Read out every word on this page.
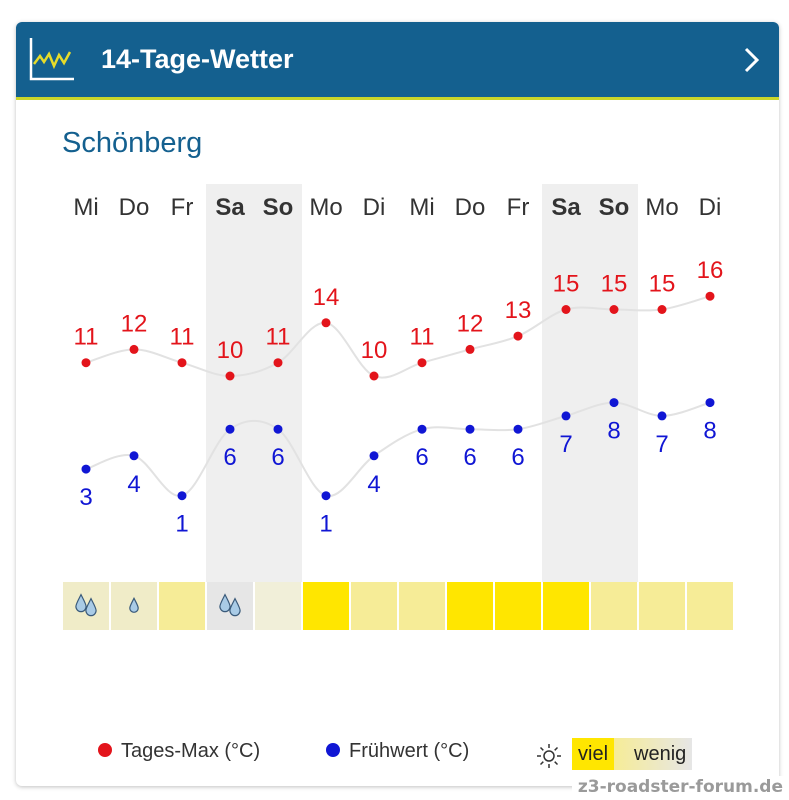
14-Tage-Wetter
Schönberg
Tages-Max (°C)	Frühwert (°C)	viel	wenig
Mi Do Fr Sa So Mo Di Mi Do Fr Sa So Mo Di
11 12 11 10 11
14
10 11 12 13
15 15 15 16
3 4
1
6 6
1
4
6 6 6 7 8 7 8
z3-roadster-forum.de
